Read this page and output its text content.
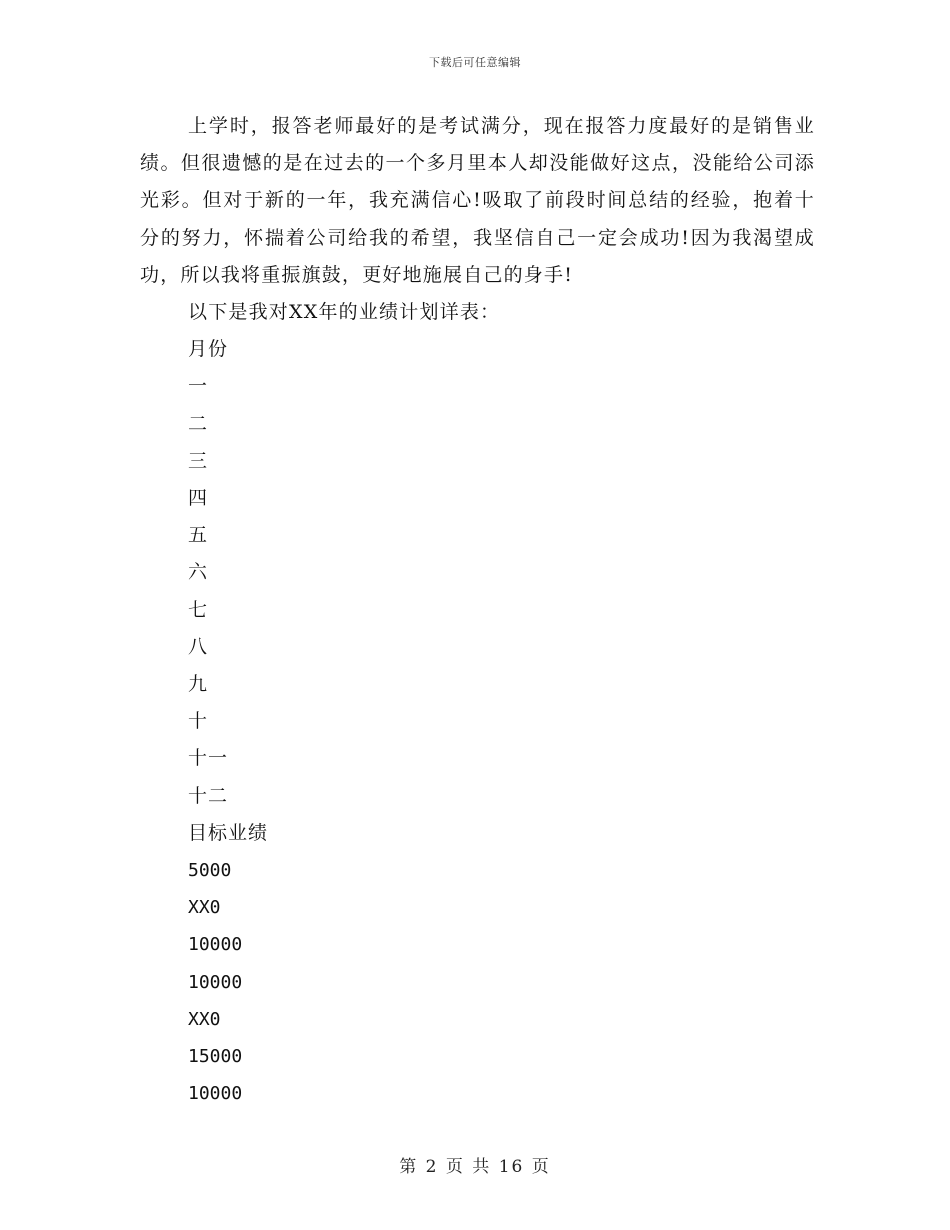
下载后可任意编辑

上学时，报答老师最好的是考试满分，现在报答力度最好的是销售业绩。但很遗憾的是在过去的一个多月里本人却没能做好这点，没能给公司添光彩。但对于新的一年，我充满信心!吸取了前段时间总结的经验，抱着十分的努力，怀揣着公司给我的希望，我坚信自己一定会成功!因为我渴望成功，所以我将重振旗鼓，更好地施展自己的身手!

以下是我对XX年的业绩计划详表：

月份
一
二
三
四
五
六
七
八
九
十
十一
十二
目标业绩
5000
XX0
10000
10000
XX0
15000
10000
第 2 页 共 16 页
